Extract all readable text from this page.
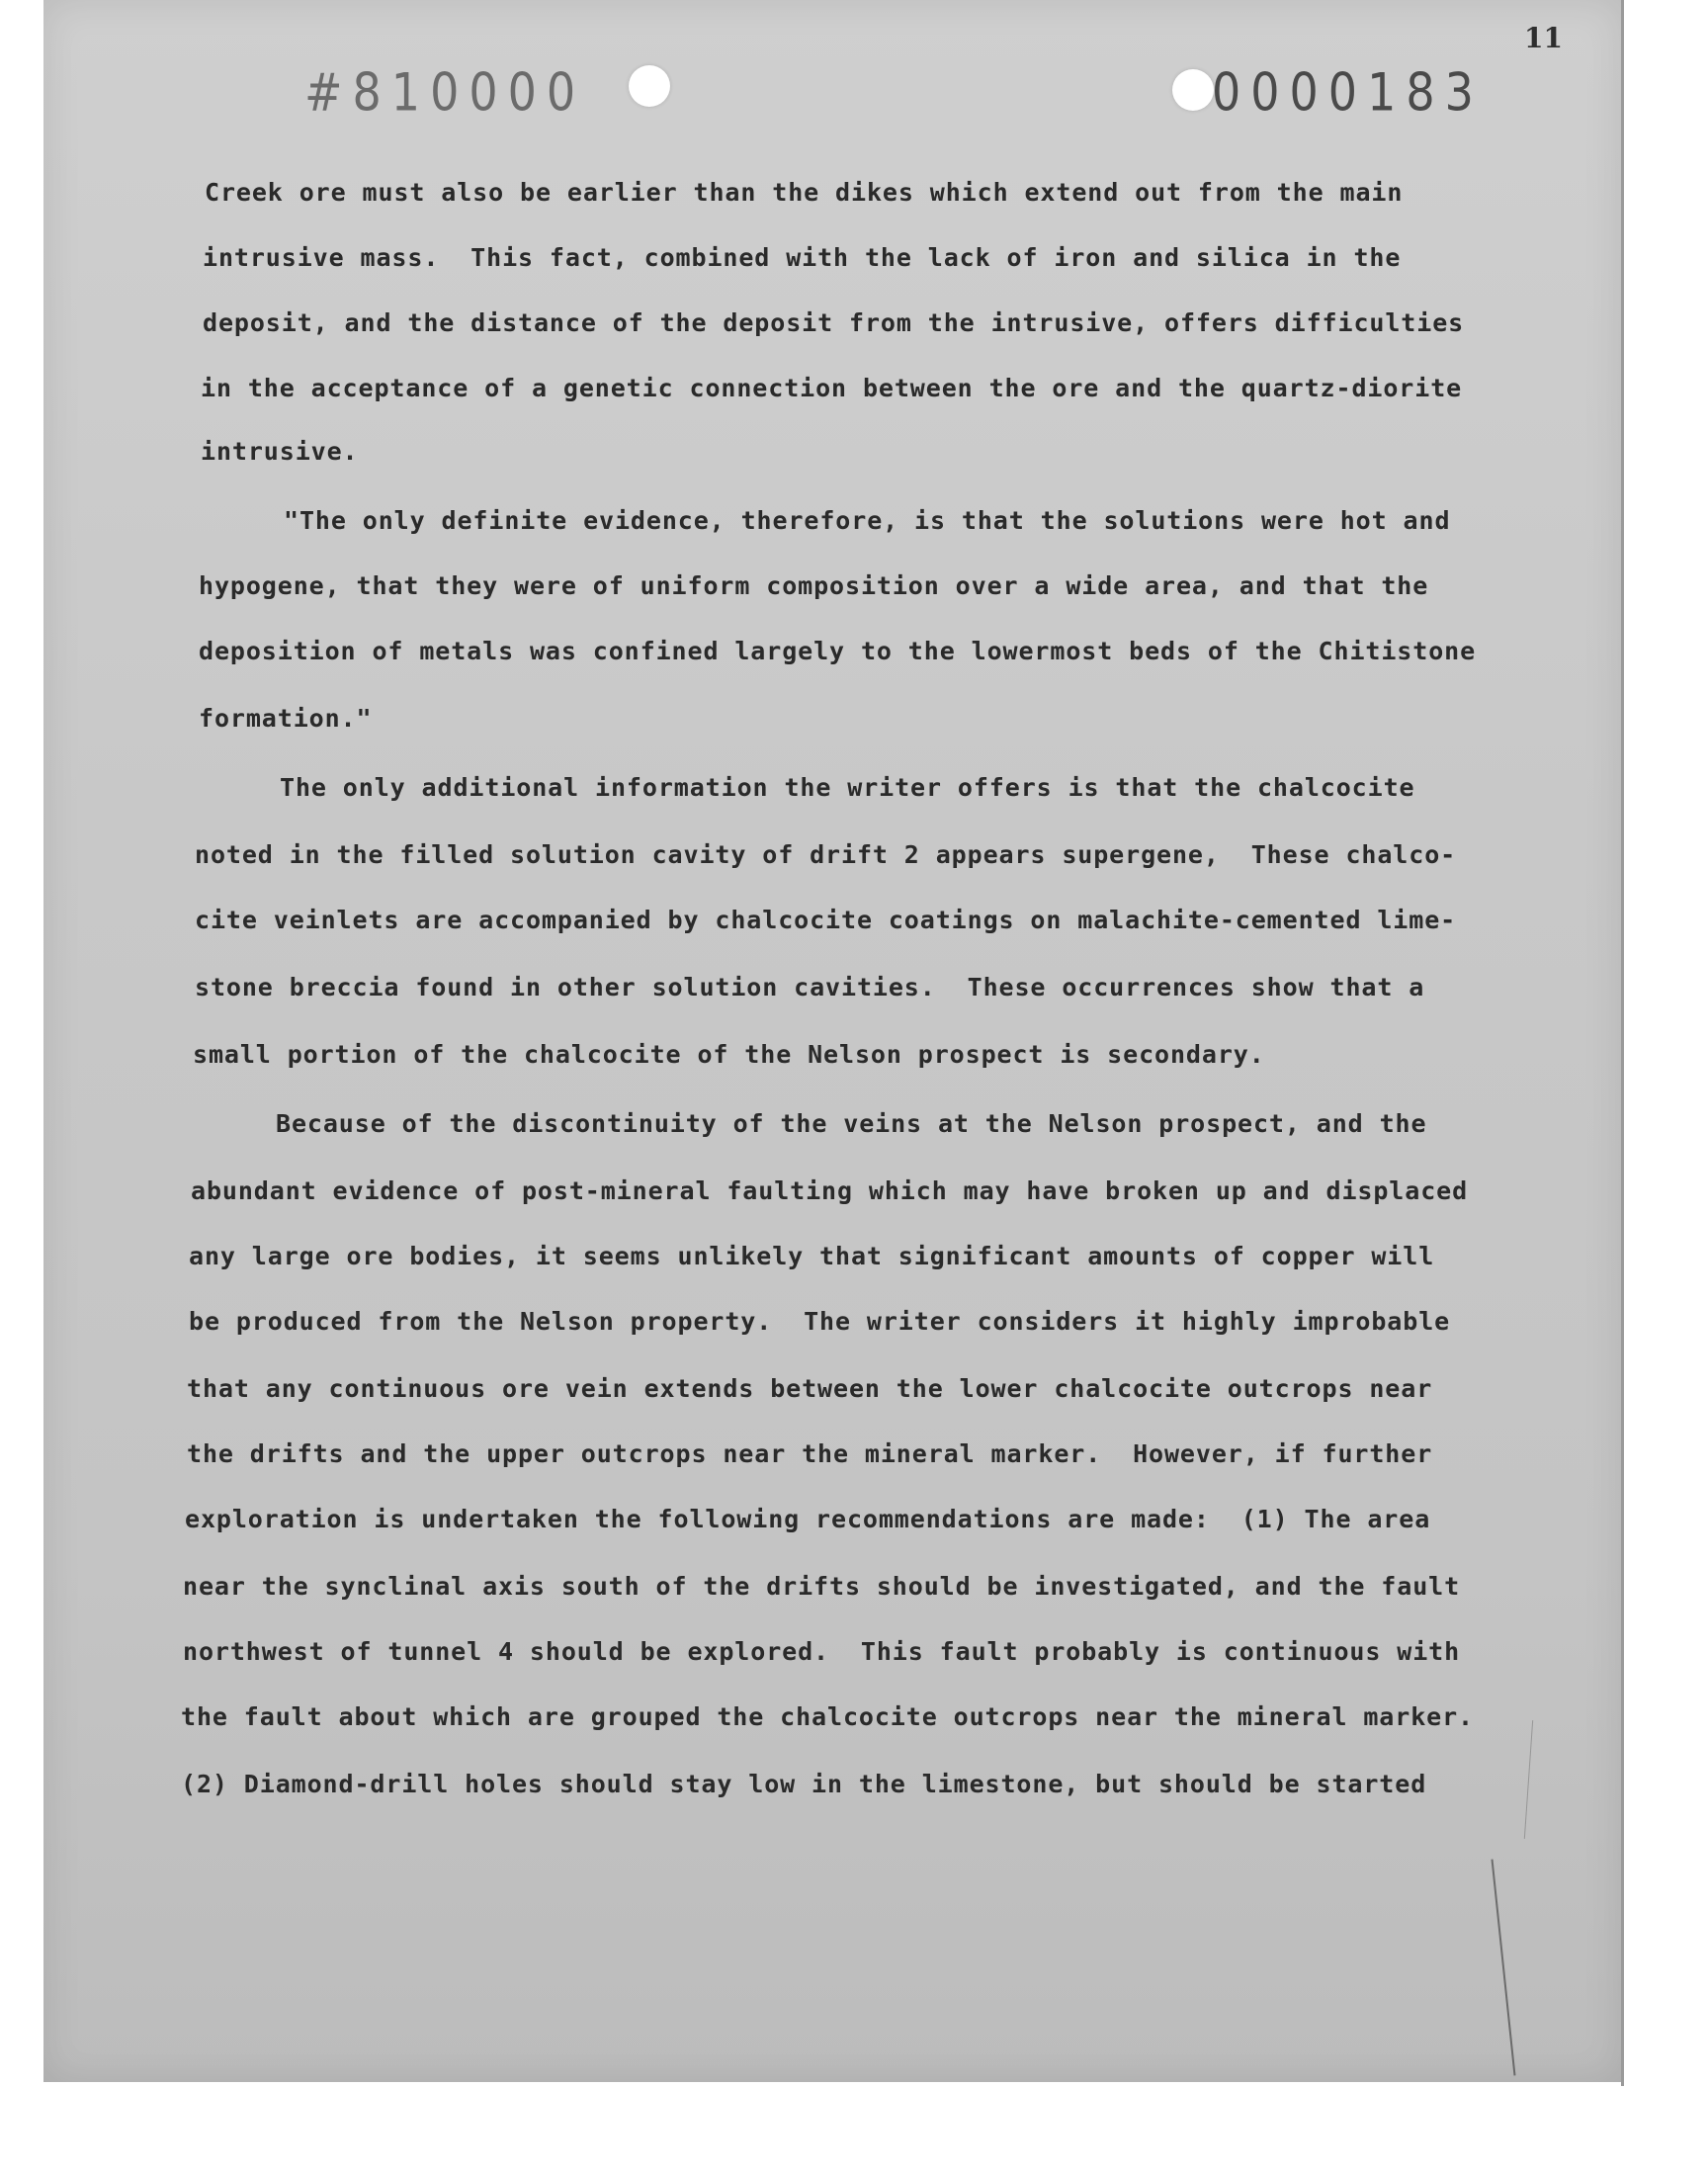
11
#810000	0000183
Creek ore must also be earlier than the dikes which extend out from the main
intrusive mass.  This fact, combined with the lack of iron and silica in the
deposit, and the distance of the deposit from the intrusive, offers difficulties
in the acceptance of a genetic connection between the ore and the quartz-diorite
intrusive.
"The only definite evidence, therefore, is that the solutions were hot and
hypogene, that they were of uniform composition over a wide area, and that the
deposition of metals was confined largely to the lowermost beds of the Chitistone
formation."
The only additional information the writer offers is that the chalcocite
noted in the filled solution cavity of drift 2 appears supergene,  These chalco-
cite veinlets are accompanied by chalcocite coatings on malachite-cemented lime-
stone breccia found in other solution cavities.  These occurrences show that a
small portion of the chalcocite of the Nelson prospect is secondary.
Because of the discontinuity of the veins at the Nelson prospect, and the
abundant evidence of post-mineral faulting which may have broken up and displaced
any large ore bodies, it seems unlikely that significant amounts of copper will
be produced from the Nelson property.  The writer considers it highly improbable
that any continuous ore vein extends between the lower chalcocite outcrops near
the drifts and the upper outcrops near the mineral marker.  However, if further
exploration is undertaken the following recommendations are made:  (1) The area
near the synclinal axis south of the drifts should be investigated, and the fault
northwest of tunnel 4 should be explored.  This fault probably is continuous with
the fault about which are grouped the chalcocite outcrops near the mineral marker.
(2) Diamond-drill holes should stay low in the limestone, but should be started
